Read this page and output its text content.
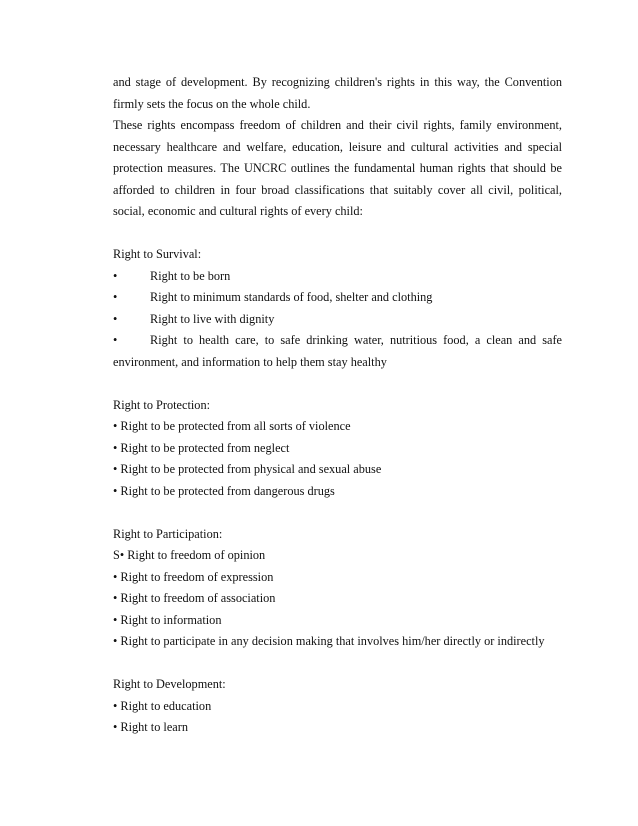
and stage of development. By recognizing children's rights in this way, the Convention
firmly sets the focus on the whole child.
These rights encompass freedom of children and their civil rights, family environment,
necessary healthcare and welfare, education, leisure and cultural activities and special
protection measures. The UNCRC outlines the fundamental human rights that should be
afforded to children in four broad classifications that suitably cover all civil, political,
social, economic and cultural rights of every child:
Right to Survival:
•	Right to be born
•	Right to minimum standards of food, shelter and clothing
•	Right to live with dignity
•	Right to health care, to safe drinking water, nutritious food, a clean and safe
environment, and information to help them stay healthy
Right to Protection:
• Right to be protected from all sorts of violence
• Right to be protected from neglect
• Right to be protected from physical and sexual abuse
• Right to be protected from dangerous drugs
Right to Participation:
S• Right to freedom of opinion
• Right to freedom of expression
• Right to freedom of association
• Right to information
• Right to participate in any decision making that involves him/her directly or indirectly
Right to Development:
• Right to education
• Right to learn
